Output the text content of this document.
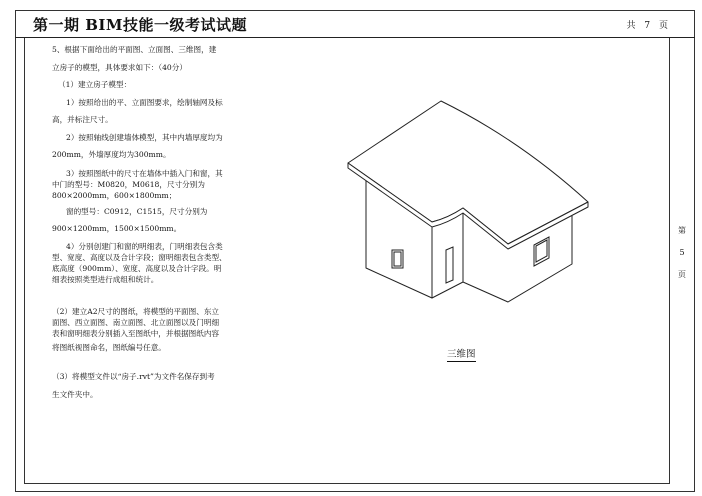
第一期 BIM技能一级考试试题	共 7 页

5、根据下面给出的平面图、立面图、三维图，建

立房子的模型，具体要求如下：（40分）

（1）建立房子模型：

1）按照给出的平、立面图要求，绘制轴网及标

高，并标注尺寸。

2）按照轴线创建墙体模型，其中内墙厚度均为

200mm，外墙厚度均为300mm。

3）按照图纸中的尺寸在墙体中插入门和窗，其

中门的型号：M0820，M0618，尺寸分别为

800×2000mm，600×1800mm；

窗的型号：C0912，C1515，尺寸分别为

900×1200mm，1500×1500mm。

4）分别创建门和窗的明细表，门明细表包含类

型、宽度、高度以及合计字段；窗明细表包含类型、

底高度（900mm）、宽度、高度以及合计字段。明

细表按照类型进行成组和统计。

（2）建立A2尺寸的图纸，将模型的平面图、东立

面图、西立面图、南立面图、北立面图以及门明细

表和窗明细表分别插入至图纸中，并根据图纸内容

将图纸视图命名，图纸编号任意。

（3）将模型文件以“房子.rvt”为文件名保存到考

生文件夹中。

三维图
第
5
页
